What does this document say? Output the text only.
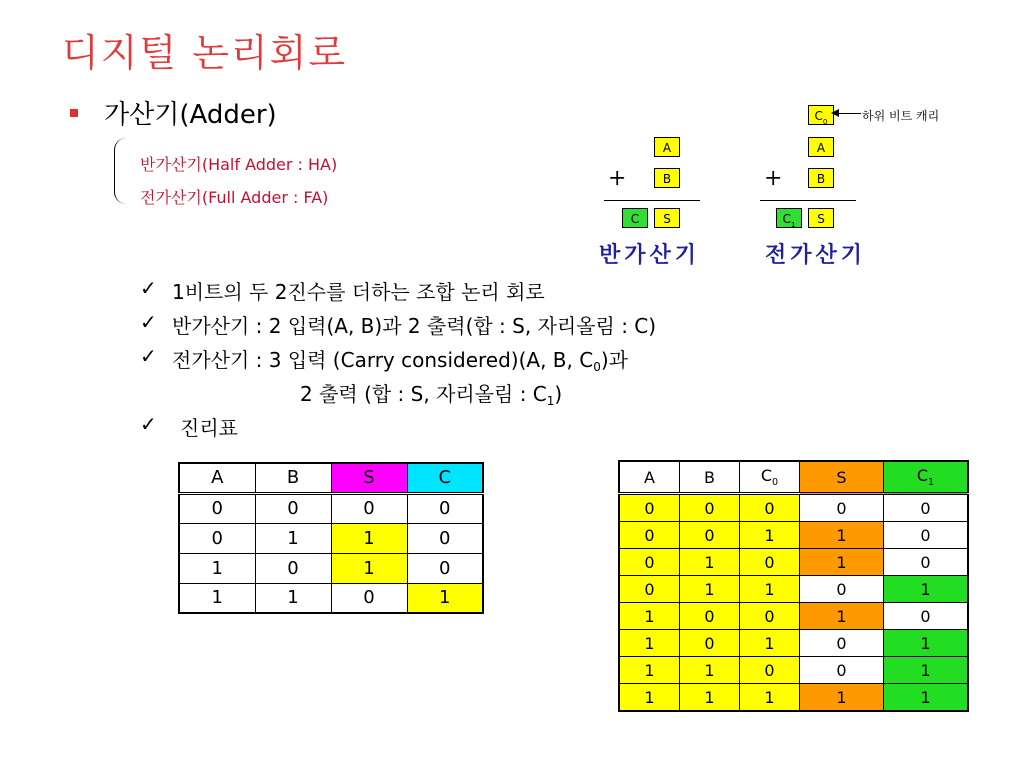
디지털 논리회로
가산기(Adder)
반가산기(Half Adder : HA)
전가산기(Full Adder : FA)
A
+	B
C	S
반가산기
$C_0$	하위 비트 캐리
A
+	B
$C_1$	S
전가산기
✓ 1비트의 두 2진수를 더하는 조합 논리 회로
✓ 반가산기 : 2 입력(A, B)과 2 출력(합 : S, 자리올림 : C)
✓ 전가산기 : 3 입력 (Carry considered)(A, B, $C_0$)과
2 출력 (합 : S, 자리올림 : $C_1$)
✓ 진리표
A	B	S	C
0	0	0	0
0	1	1	0
1	0	1	0
1	1	0	1
A	B	$C_0$	S	$C_1$
0	0	0	0	0
0	0	1	1	0
0	1	0	1	0
0	1	1	0	1
1	0	0	1	0
1	0	1	0	1
1	1	0	0	1
1	1	1	1	1
